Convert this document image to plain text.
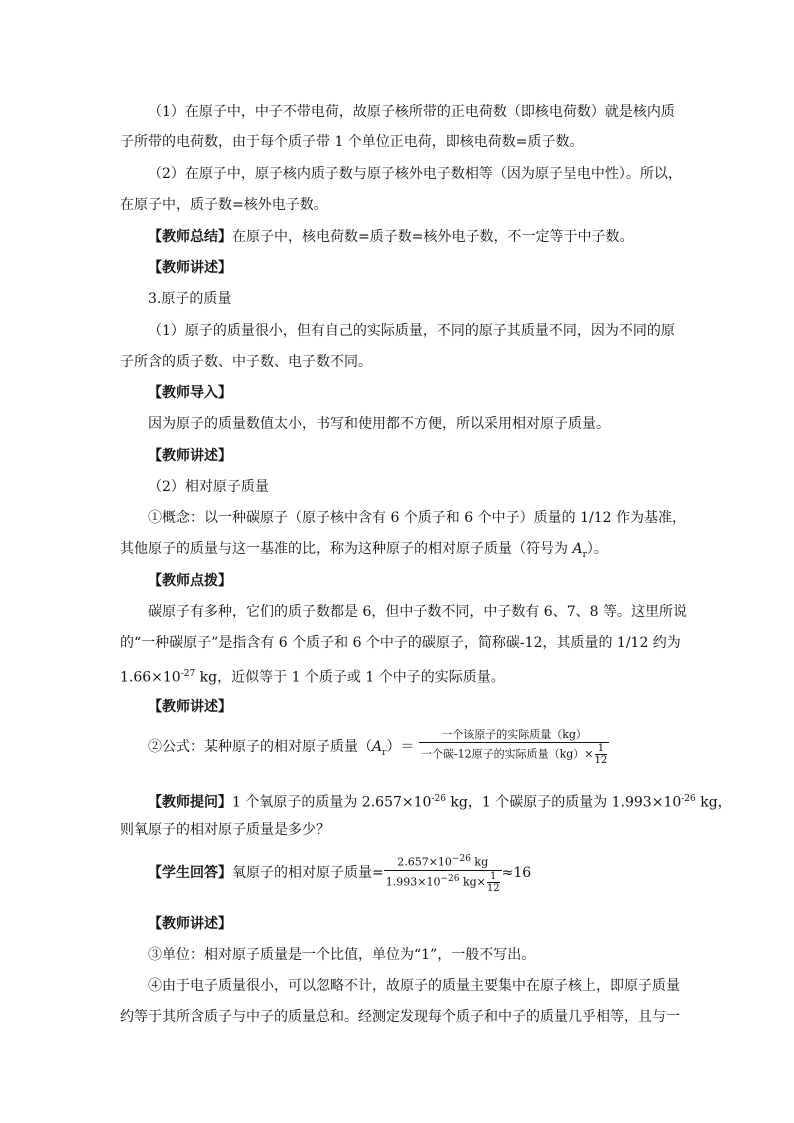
（1）在原子中，中子不带电荷，故原子核所带的正电荷数（即核电荷数）就是核内质
子所带的电荷数，由于每个质子带 1 个单位正电荷，即核电荷数=质子数。
（2）在原子中，原子核内质子数与原子核外电子数相等（因为原子呈电中性）。所以，
在原子中，质子数=核外电子数。
【教师总结】在原子中，核电荷数=质子数=核外电子数，不一定等于中子数。
【教师讲述】
3.原子的质量
（1）原子的质量很小，但有自己的实际质量，不同的原子其质量不同，因为不同的原
子所含的质子数、中子数、电子数不同。
【教师导入】
因为原子的质量数值太小，书写和使用都不方便，所以采用相对原子质量。
【教师讲述】
（2）相对原子质量
①概念：以一种碳原子（原子核中含有 6 个质子和 6 个中子）质量的 1/12 作为基准，
其他原子的质量与这一基准的比，称为这种原子的相对原子质量（符号为 $A_r$）。
【教师点拨】
碳原子有多种，它们的质子数都是 6，但中子数不同，中子数有 6、7、8 等。这里所说
的“一种碳原子”是指含有 6 个质子和 6 个中子的碳原子，简称碳-12，其质量的 1/12 约为
$1.66\times 10^{-27}$ kg，近似等于 1 个质子或 1 个中子的实际质量。
【教师讲述】
②公式：某种原子的相对原子质量$(A_r)= \frac{\text{一个该原子的实际质量（kg）}}{一个碳-12原子的实际质量(kg)\times \frac{1}{12}}$
【教师提问】1 个氧原子的质量为 $2.657\times 10^{-26}$ kg，1 个碳原子的质量为 $1.993\times 10^{-26}$ kg，
则氧原子的相对原子质量是多少？
【学生回答】氧原子的相对原子质量= $\frac{2.657\times 10^{-26} kg}{1.993\times 10^{-26} kg\times \frac{1}{12}} \approx 16$
【教师讲述】
③单位：相对原子质量是一个比值，单位为“1”，一般不写出。
④由于电子质量很小，可以忽略不计，故原子的质量主要集中在原子核上，即原子质量
约等于其所含质子与中子的质量总和。经测定发现每个质子和中子的质量几乎相等，且与一
